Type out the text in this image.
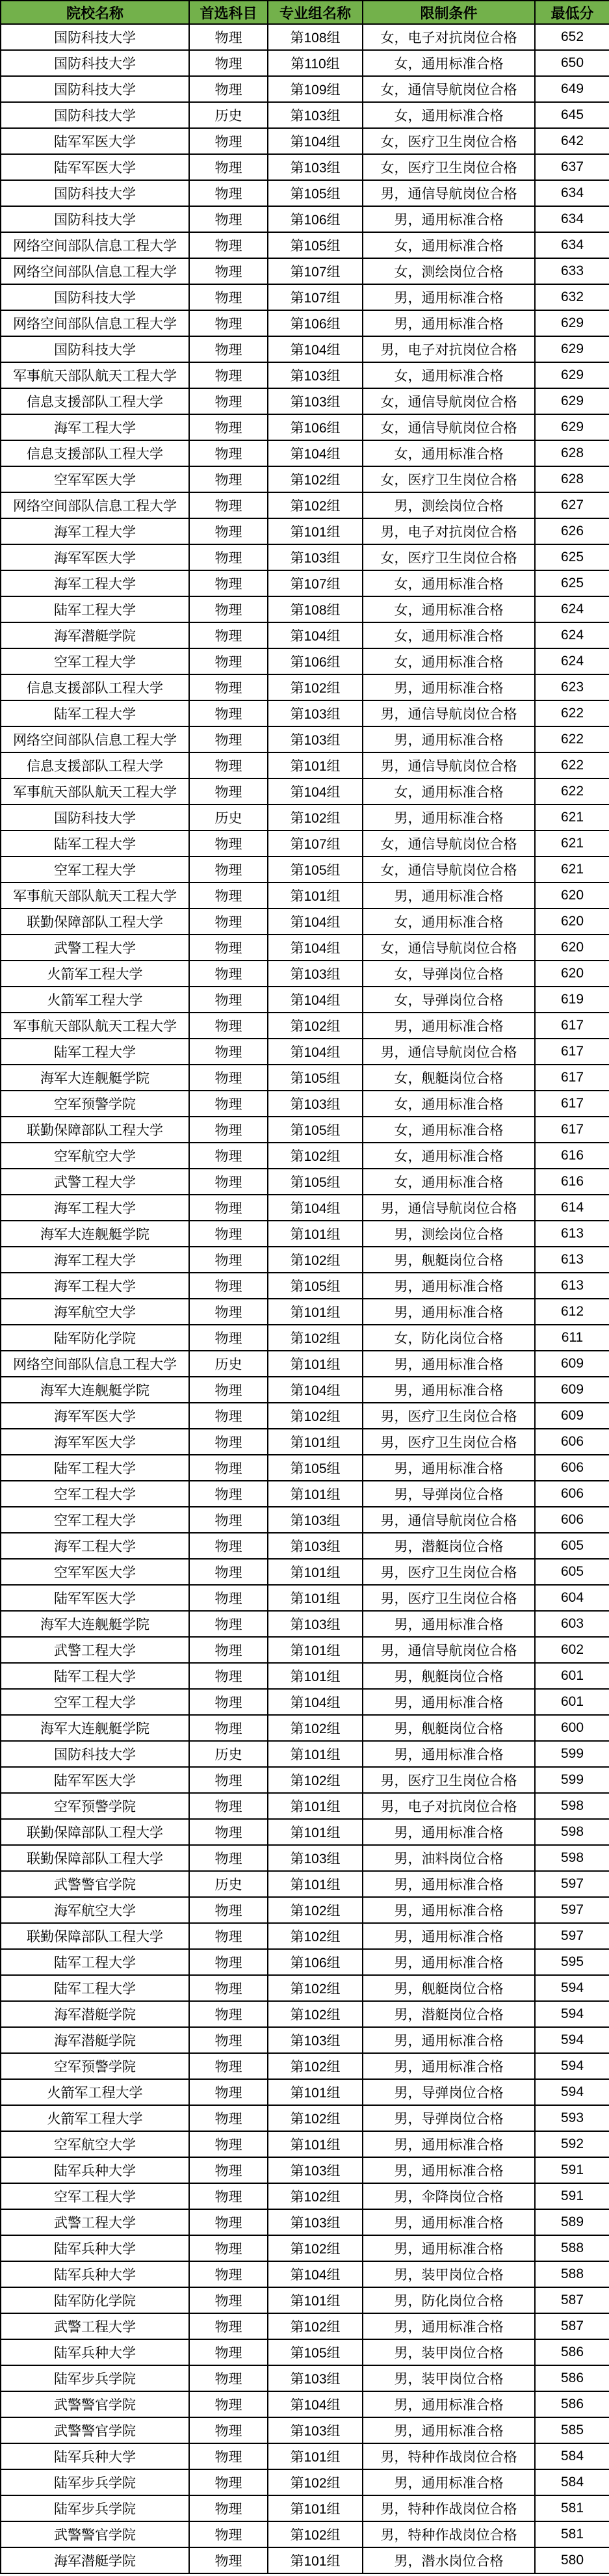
院校名称	首选科目	专业组名称	限制条件	最低分
国防科技大学	物理	第108组	女，电子对抗岗位合格	652
国防科技大学	物理	第110组	女，通用标准合格	650
国防科技大学	物理	第109组	女，通信导航岗位合格	649
国防科技大学	历史	第103组	女，通用标准合格	645
陆军军医大学	物理	第104组	女，医疗卫生岗位合格	642
陆军军医大学	物理	第103组	女，医疗卫生岗位合格	637
国防科技大学	物理	第105组	男，通信导航岗位合格	634
国防科技大学	物理	第106组	男，通用标准合格	634
网络空间部队信息工程大学	物理	第105组	女，通用标准合格	634
网络空间部队信息工程大学	物理	第107组	女，测绘岗位合格	633
国防科技大学	物理	第107组	男，通用标准合格	632
网络空间部队信息工程大学	物理	第106组	男，通用标准合格	629
国防科技大学	物理	第104组	男，电子对抗岗位合格	629
军事航天部队航天工程大学	物理	第103组	女，通用标准合格	629
信息支援部队工程大学	物理	第103组	女，通信导航岗位合格	629
海军工程大学	物理	第106组	女，通信导航岗位合格	629
信息支援部队工程大学	物理	第104组	女，通用标准合格	628
空军军医大学	物理	第102组	女，医疗卫生岗位合格	628
网络空间部队信息工程大学	物理	第102组	男，测绘岗位合格	627
海军工程大学	物理	第101组	男，电子对抗岗位合格	626
海军军医大学	物理	第103组	女，医疗卫生岗位合格	625
海军工程大学	物理	第107组	女，通用标准合格	625
陆军工程大学	物理	第108组	女，通用标准合格	624
海军潜艇学院	物理	第104组	女，通用标准合格	624
空军工程大学	物理	第106组	女，通用标准合格	624
信息支援部队工程大学	物理	第102组	男，通用标准合格	623
陆军工程大学	物理	第103组	男，通信导航岗位合格	622
网络空间部队信息工程大学	物理	第103组	男，通用标准合格	622
信息支援部队工程大学	物理	第101组	男，通信导航岗位合格	622
军事航天部队航天工程大学	物理	第104组	女，通用标准合格	622
国防科技大学	历史	第102组	男，通用标准合格	621
陆军工程大学	物理	第107组	女，通信导航岗位合格	621
空军工程大学	物理	第105组	女，通信导航岗位合格	621
军事航天部队航天工程大学	物理	第101组	男，通用标准合格	620
联勤保障部队工程大学	物理	第104组	女，通用标准合格	620
武警工程大学	物理	第104组	女，通信导航岗位合格	620
火箭军工程大学	物理	第103组	女，导弹岗位合格	620
火箭军工程大学	物理	第104组	女，导弹岗位合格	619
军事航天部队航天工程大学	物理	第102组	男，通用标准合格	617
陆军工程大学	物理	第104组	男，通信导航岗位合格	617
海军大连舰艇学院	物理	第105组	女，舰艇岗位合格	617
空军预警学院	物理	第103组	女，通用标准合格	617
联勤保障部队工程大学	物理	第105组	女，通用标准合格	617
空军航空大学	物理	第102组	女，通用标准合格	616
武警工程大学	物理	第105组	女，通用标准合格	616
海军工程大学	物理	第104组	男，通信导航岗位合格	614
海军大连舰艇学院	物理	第101组	男，测绘岗位合格	613
海军工程大学	物理	第102组	男，舰艇岗位合格	613
海军工程大学	物理	第105组	男，通用标准合格	613
海军航空大学	物理	第101组	男，通用标准合格	612
陆军防化学院	物理	第102组	女，防化岗位合格	611
网络空间部队信息工程大学	历史	第101组	男，通用标准合格	609
海军大连舰艇学院	物理	第104组	男，通用标准合格	609
海军军医大学	物理	第102组	男，医疗卫生岗位合格	609
海军军医大学	物理	第101组	男，医疗卫生岗位合格	606
陆军工程大学	物理	第105组	男，通用标准合格	606
空军工程大学	物理	第101组	男，导弹岗位合格	606
空军工程大学	物理	第103组	男，通信导航岗位合格	606
海军工程大学	物理	第103组	男，潜艇岗位合格	605
空军军医大学	物理	第101组	男，医疗卫生岗位合格	605
陆军军医大学	物理	第101组	男，医疗卫生岗位合格	604
海军大连舰艇学院	物理	第103组	男，通用标准合格	603
武警工程大学	物理	第101组	男，通信导航岗位合格	602
陆军工程大学	物理	第101组	男，舰艇岗位合格	601
空军工程大学	物理	第104组	男，通用标准合格	601
海军大连舰艇学院	物理	第102组	男，舰艇岗位合格	600
国防科技大学	历史	第101组	男，通用标准合格	599
陆军军医大学	物理	第102组	男，医疗卫生岗位合格	599
空军预警学院	物理	第101组	男，电子对抗岗位合格	598
联勤保障部队工程大学	物理	第101组	男，通用标准合格	598
联勤保障部队工程大学	物理	第103组	男，油料岗位合格	598
武警警官学院	历史	第101组	男，通用标准合格	597
海军航空大学	物理	第102组	男，通用标准合格	597
联勤保障部队工程大学	物理	第102组	男，通用标准合格	597
陆军工程大学	物理	第106组	男，通用标准合格	595
陆军工程大学	物理	第102组	男，舰艇岗位合格	594
海军潜艇学院	物理	第102组	男，潜艇岗位合格	594
海军潜艇学院	物理	第103组	男，通用标准合格	594
空军预警学院	物理	第102组	男，通用标准合格	594
火箭军工程大学	物理	第101组	男，导弹岗位合格	594
火箭军工程大学	物理	第102组	男，导弹岗位合格	593
空军航空大学	物理	第101组	男，通用标准合格	592
陆军兵种大学	物理	第103组	男，通用标准合格	591
空军工程大学	物理	第102组	男，伞降岗位合格	591
武警工程大学	物理	第103组	男，通用标准合格	589
陆军兵种大学	物理	第102组	男，通用标准合格	588
陆军兵种大学	物理	第104组	男，装甲岗位合格	588
陆军防化学院	物理	第101组	男，防化岗位合格	587
武警工程大学	物理	第102组	男，通用标准合格	587
陆军兵种大学	物理	第105组	男，装甲岗位合格	586
陆军步兵学院	物理	第103组	男，装甲岗位合格	586
武警警官学院	物理	第104组	男，通用标准合格	586
武警警官学院	物理	第103组	男，通用标准合格	585
陆军兵种大学	物理	第101组	男，特种作战岗位合格	584
陆军步兵学院	物理	第102组	男，通用标准合格	584
陆军步兵学院	物理	第101组	男，特种作战岗位合格	581
武警警官学院	物理	第102组	男，特种作战岗位合格	581
海军潜艇学院	物理	第101组	男，潜水岗位合格	580
